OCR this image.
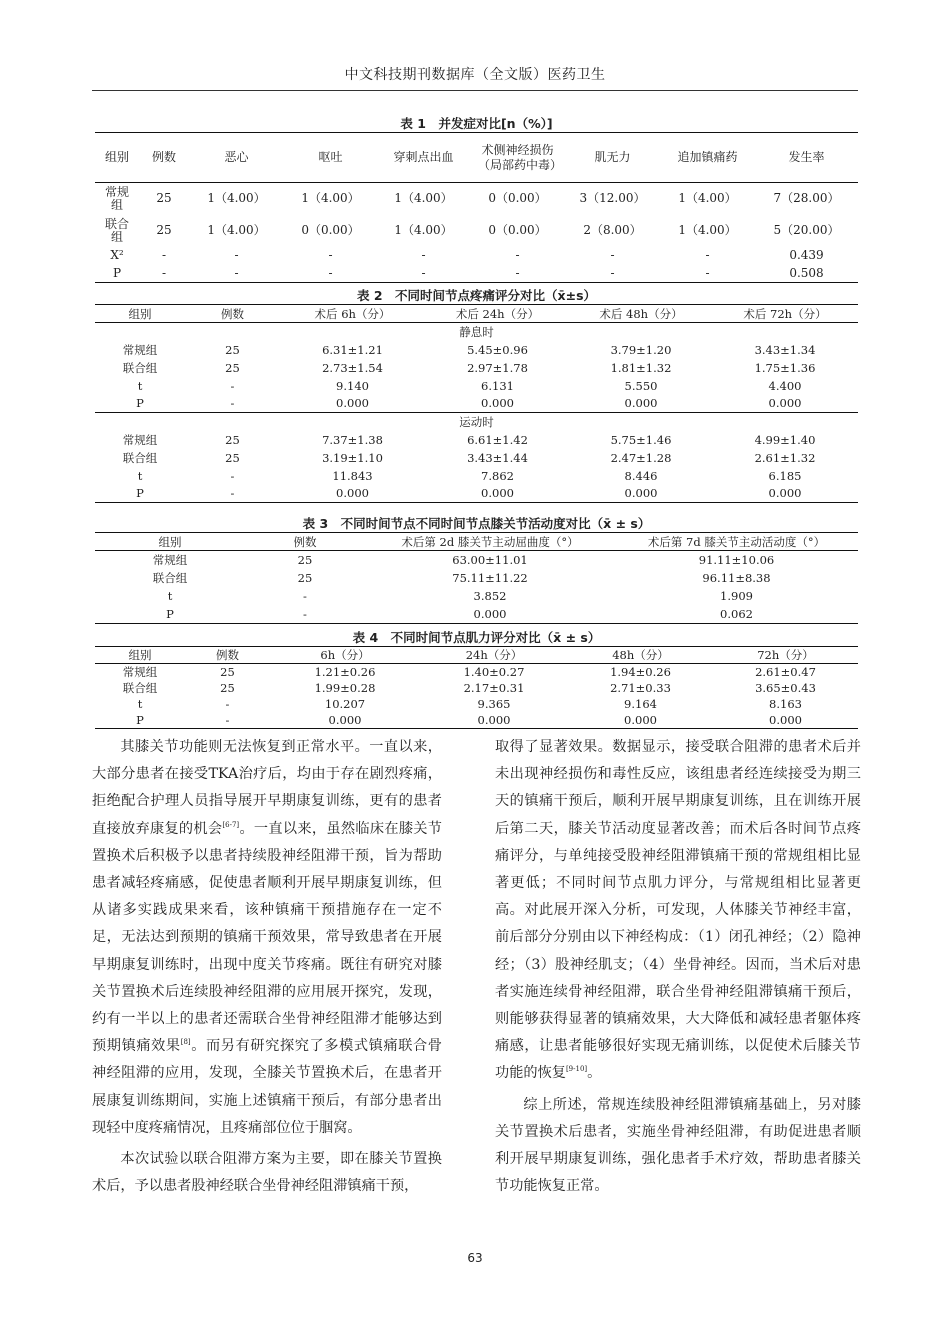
中文科技期刊数据库（全文版）医药卫生
表 1　并发症对比[n（%）]
组别	例数	恶心	呕吐	穿刺点出血	术侧神经损伤（局部药中毒）	肌无力	追加镇痛药	发生率
常规组	25	1（4.00）	1（4.00）	1（4.00）	0（0.00）	3（12.00）	1（4.00）	7（28.00）
联合组	25	1（4.00）	0（0.00）	1（4.00）	0（0.00）	2（8.00）	1（4.00）	5（20.00）
X²	-	-	-	-	-	-	-	0.439
P	-	-	-	-	-	-	-	0.508
表 2　不同时间节点疼痛评分对比（x̄±s）
组别	例数	术后 6h（分）	术后 24h（分）	术后 48h（分）	术后 72h（分）
静息时					
常规组	25	6.31±1.21	5.45±0.96	3.79±1.20	3.43±1.34
联合组	25	2.73±1.54	2.97±1.78	1.81±1.32	1.75±1.36
t	-	9.140	6.131	5.550	4.400
P	-	0.000	0.000	0.000	0.000
运动时					
常规组	25	7.37±1.38	6.61±1.42	5.75±1.46	4.99±1.40
联合组	25	3.19±1.10	3.43±1.44	2.47±1.28	2.61±1.32
t	-	11.843	7.862	8.446	6.185
P	-	0.000	0.000	0.000	0.000
表 3　不同时间节点不同时间节点膝关节活动度对比（x̄ ± s）
组别	例数	术后第 2d 膝关节主动屈曲度（°）	术后第 7d 膝关节主动活动度（°）
常规组	25	63.00±11.01	91.11±10.06
联合组	25	75.11±11.22	96.11±8.38
t	-	3.852	1.909
P	-	0.000	0.062
表 4　不同时间节点肌力评分对比（x̄ ± s）
组别	例数	6h（分）	24h（分）	48h（分）	72h（分）
常规组	25	1.21±0.26	1.40±0.27	1.94±0.26	2.61±0.47
联合组	25	1.99±0.28	2.17±0.31	2.71±0.33	3.65±0.43
t	-	10.207	9.365	9.164	8.163
P	-	0.000	0.000	0.000	0.000

其膝关节功能则无法恢复到正常水平。一直以来，大部分患者在接受TKA治疗后，均由于存在剧烈疼痛，拒绝配合护理人员指导展开早期康复训练，更有的患者直接放弃康复的机会[6-7]。一直以来，虽然临床在膝关节置换术后积极予以患者持续股神经阻滞干预，旨为帮助患者减轻疼痛感，促使患者顺利开展早期康复训练，但从诸多实践成果来看，该种镇痛干预措施存在一定不足，无法达到预期的镇痛干预效果，常导致患者在开展早期康复训练时，出现中度关节疼痛。既往有研究对膝关节置换术后连续股神经阻滞的应用展开探究，发现，约有一半以上的患者还需联合坐骨神经阻滞才能够达到预期镇痛效果[8]。而另有研究探究了多模式镇痛联合骨神经阻滞的应用，发现，全膝关节置换术后，在患者开展康复训练期间，实施上述镇痛干预后，有部分患者出现轻中度疼痛情况，且疼痛部位位于腘窝。

本次试验以联合阻滞方案为主要，即在膝关节置换术后，予以患者股神经联合坐骨神经阻滞镇痛干预，

取得了显著效果。数据显示，接受联合阻滞的患者术后并未出现神经损伤和毒性反应，该组患者经连续接受为期三天的镇痛干预后，顺利开展早期康复训练，且在训练开展后第二天，膝关节活动度显著改善；而术后各时间节点疼痛评分，与单纯接受股神经阻滞镇痛干预的常规组相比显著更低；不同时间节点肌力评分，与常规组相比显著更高。对此展开深入分析，可发现，人体膝关节神经丰富，前后部分分别由以下神经构成：（1）闭孔神经；（2）隐神经；（3）股神经肌支；（4）坐骨神经。因而，当术后对患者实施连续骨神经阻滞，联合坐骨神经阻滞镇痛干预后，则能够获得显著的镇痛效果，大大降低和减轻患者躯体疼痛感，让患者能够很好实现无痛训练，以促使术后膝关节功能的恢复[9-10]。

综上所述，常规连续股神经阻滞镇痛基础上，另对膝关节置换术后患者，实施坐骨神经阻滞，有助促进患者顺利开展早期康复训练，强化患者手术疗效，帮助患者膝关节功能恢复正常。

63
